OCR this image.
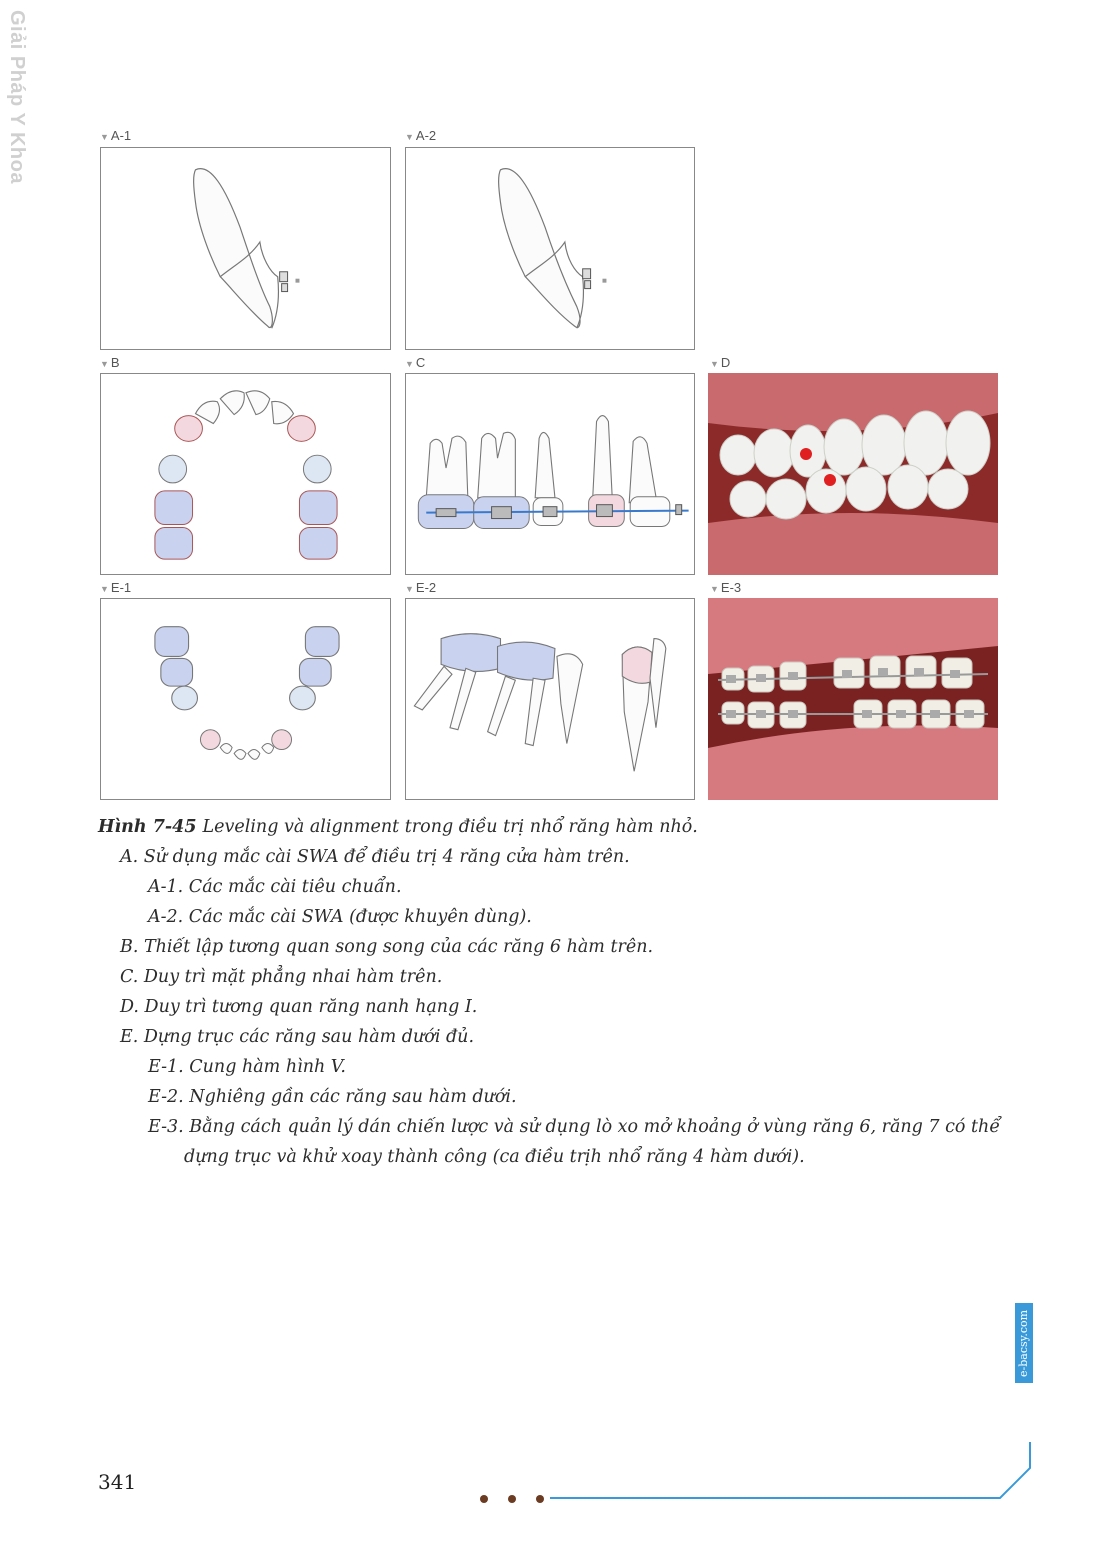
Giải Pháp Y Khoa	▼ A-1	▼ A-2
▼ B	▼ C	▼ D
▼ E-1	▼ E-2	▼ E-3
Hình 7-45 Leveling và alignment trong điều trị nhổ răng hàm nhỏ.
A. Sử dụng mắc cài SWA để điều trị 4 răng cửa hàm trên.
A-1. Các mắc cài tiêu chuẩn.
A-2. Các mắc cài SWA (được khuyên dùng).
B. Thiết lập tương quan song song của các răng 6 hàm trên.
C. Duy trì mặt phẳng nhai hàm trên.
D. Duy trì tương quan răng nanh hạng I.
E. Dựng trục các răng sau hàm dưới đủ.
E-1. Cung hàm hình V.
E-2. Nghiêng gần các răng sau hàm dưới.
E-3. Bằng cách quản lý dán chiến lược và sử dụng lò xo mở khoảng ở vùng răng 6, răng 7 có thể dựng trục và khử xoay thành công (ca điều trịh nhổ răng 4 hàm dưới).
e-bacsy.com
341
